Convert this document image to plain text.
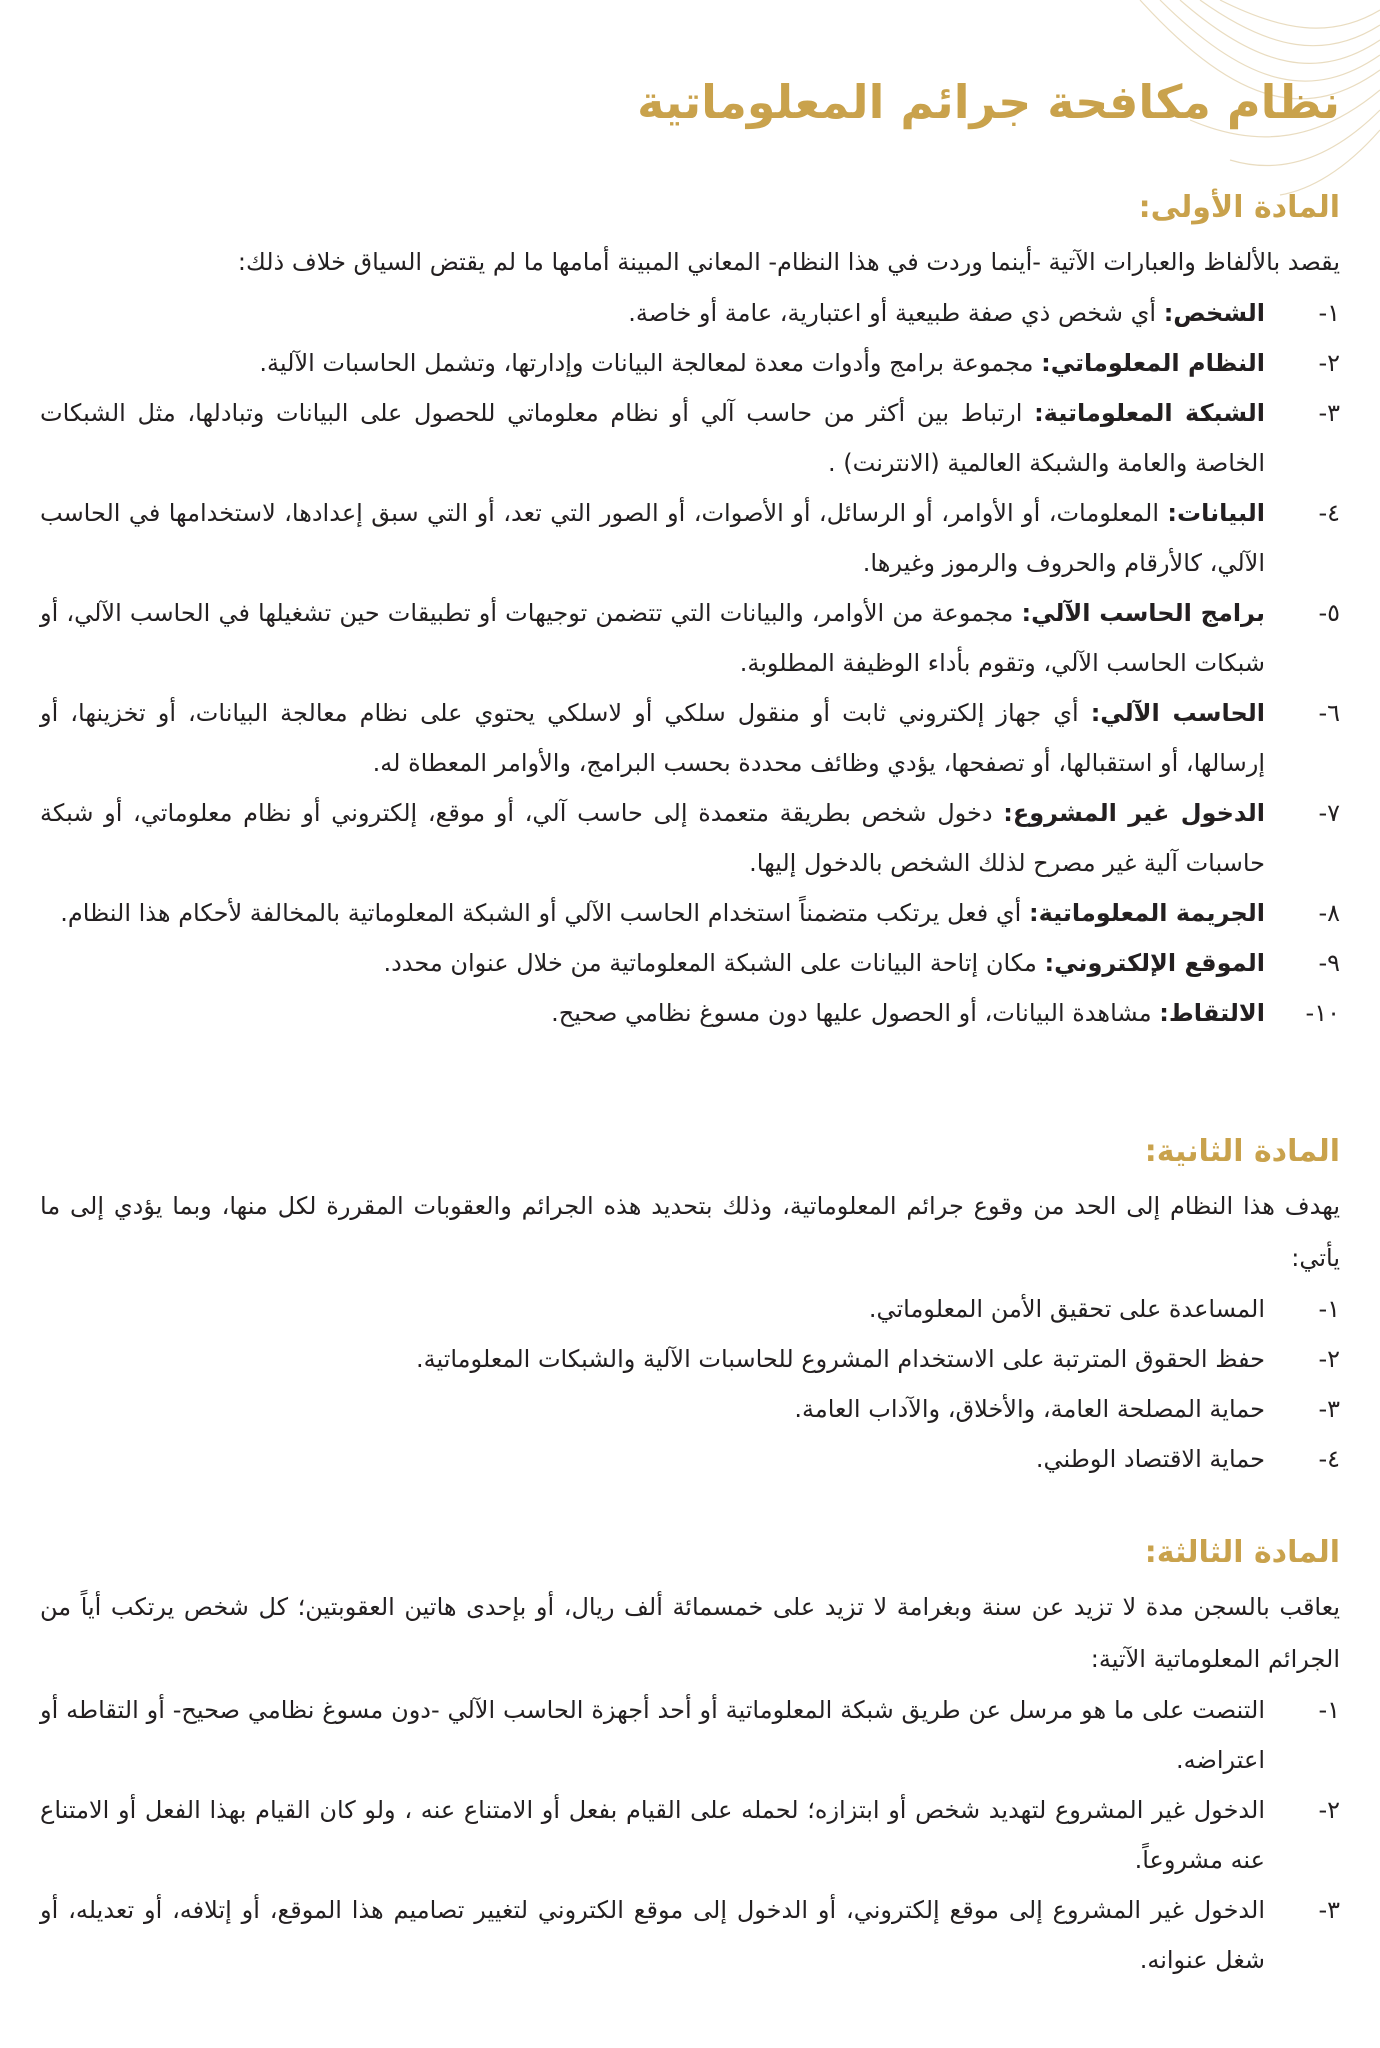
نظام مكافحة جرائم المعلوماتية
المادة الأولى:

يقصد بالألفاظ والعبارات الآتية -أينما وردت في هذا النظام- المعاني المبينة أمامها ما لم يقتض السياق خلاف ذلك:

١-
الشخص: أي شخص ذي صفة طبيعية أو اعتبارية، عامة أو خاصة.
٢-
النظام المعلوماتي: مجموعة برامج وأدوات معدة لمعالجة البيانات وإدارتها، وتشمل الحاسبات الآلية.
٣-
الشبكة المعلوماتية: ارتباط بين أكثر من حاسب آلي أو نظام معلوماتي للحصول على البيانات وتبادلها، مثل الشبكات الخاصة والعامة والشبكة العالمية (الانترنت) .
٤-
البيانات: المعلومات، أو الأوامر، أو الرسائل، أو الأصوات، أو الصور التي تعد، أو التي سبق إعدادها، لاستخدامها في الحاسب الآلي، كالأرقام والحروف والرموز وغيرها.
٥-
برامج الحاسب الآلي: مجموعة من الأوامر، والبيانات التي تتضمن توجيهات أو تطبيقات حين تشغيلها في الحاسب الآلي، أو شبكات الحاسب الآلي، وتقوم بأداء الوظيفة المطلوبة.
٦-
الحاسب الآلي: أي جهاز إلكتروني ثابت أو منقول سلكي أو لاسلكي يحتوي على نظام معالجة البيانات، أو تخزينها، أو إرسالها، أو استقبالها، أو تصفحها، يؤدي وظائف محددة بحسب البرامج، والأوامر المعطاة له.
٧-
الدخول غير المشروع: دخول شخص بطريقة متعمدة إلى حاسب آلي، أو موقع، إلكتروني أو نظام معلوماتي، أو شبكة حاسبات آلية غير مصرح لذلك الشخص بالدخول إليها.
٨-
الجريمة المعلوماتية: أي فعل يرتكب متضمناً استخدام الحاسب الآلي أو الشبكة المعلوماتية بالمخالفة لأحكام هذا النظام.
٩-
الموقع الإلكتروني: مكان إتاحة البيانات على الشبكة المعلوماتية من خلال عنوان محدد.
١٠-
الالتقاط: مشاهدة البيانات، أو الحصول عليها دون مسوغ نظامي صحيح.
المادة الثانية:

يهدف هذا النظام إلى الحد من وقوع جرائم المعلوماتية، وذلك بتحديد هذه الجرائم والعقوبات المقررة لكل منها، وبما يؤدي إلى ما يأتي:

١-
المساعدة على تحقيق الأمن المعلوماتي.
٢-
حفظ الحقوق المترتبة على الاستخدام المشروع للحاسبات الآلية والشبكات المعلوماتية.
٣-
حماية المصلحة العامة، والأخلاق، والآداب العامة.
٤-
حماية الاقتصاد الوطني.
المادة الثالثة:

يعاقب بالسجن مدة لا تزيد عن سنة وبغرامة لا تزيد على خمسمائة ألف ريال، أو بإحدى هاتين العقوبتين؛ كل شخص يرتكب أياً من الجرائم المعلوماتية الآتية:

١-
التنصت على ما هو مرسل عن طريق شبكة المعلوماتية أو أحد أجهزة الحاسب الآلي -دون مسوغ نظامي صحيح- أو التقاطه أو اعتراضه.
٢-
الدخول غير المشروع لتهديد شخص أو ابتزازه؛ لحمله على القيام بفعل أو الامتناع عنه ، ولو كان القيام بهذا الفعل أو الامتناع عنه مشروعاً.
٣-
الدخول غير المشروع إلى موقع إلكتروني، أو الدخول إلى موقع الكتروني لتغيير تصاميم هذا الموقع، أو إتلافه، أو تعديله، أو شغل عنوانه.
